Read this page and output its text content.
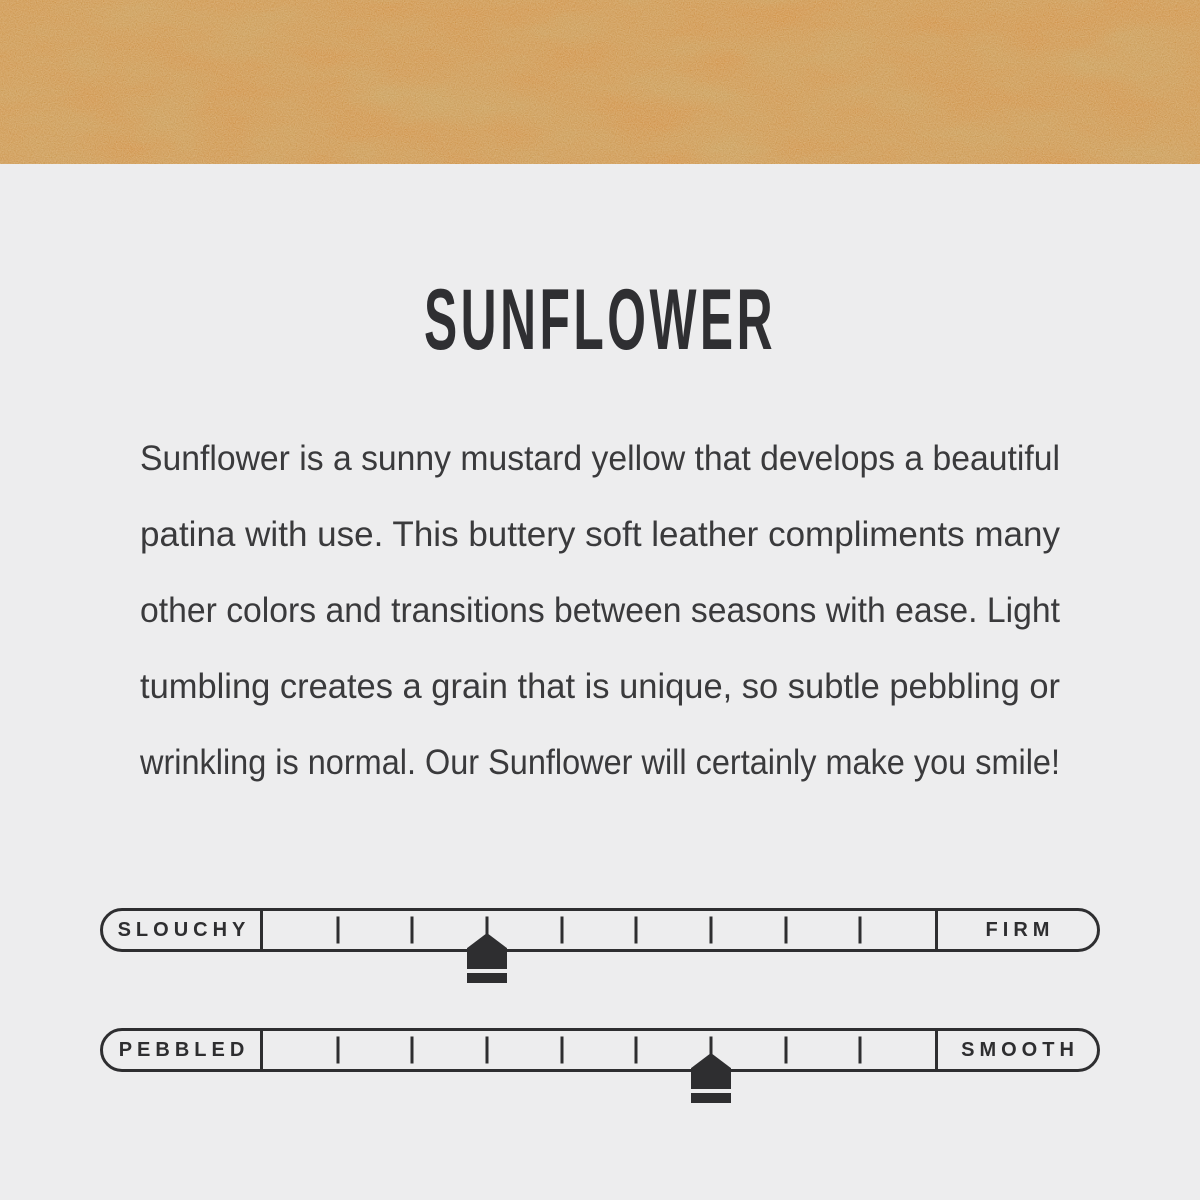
SUNFLOWER
Sunflower is a sunny mustard yellow that develops a beautiful
patina with use. This buttery soft leather compliments many
other colors and transitions between seasons with ease. Light
tumbling creates a grain that is unique, so subtle pebbling or
wrinkling is normal. Our Sunflower will certainly make you smile!
SLOUCHY	FIRM
PEBBLED	SMOOTH
